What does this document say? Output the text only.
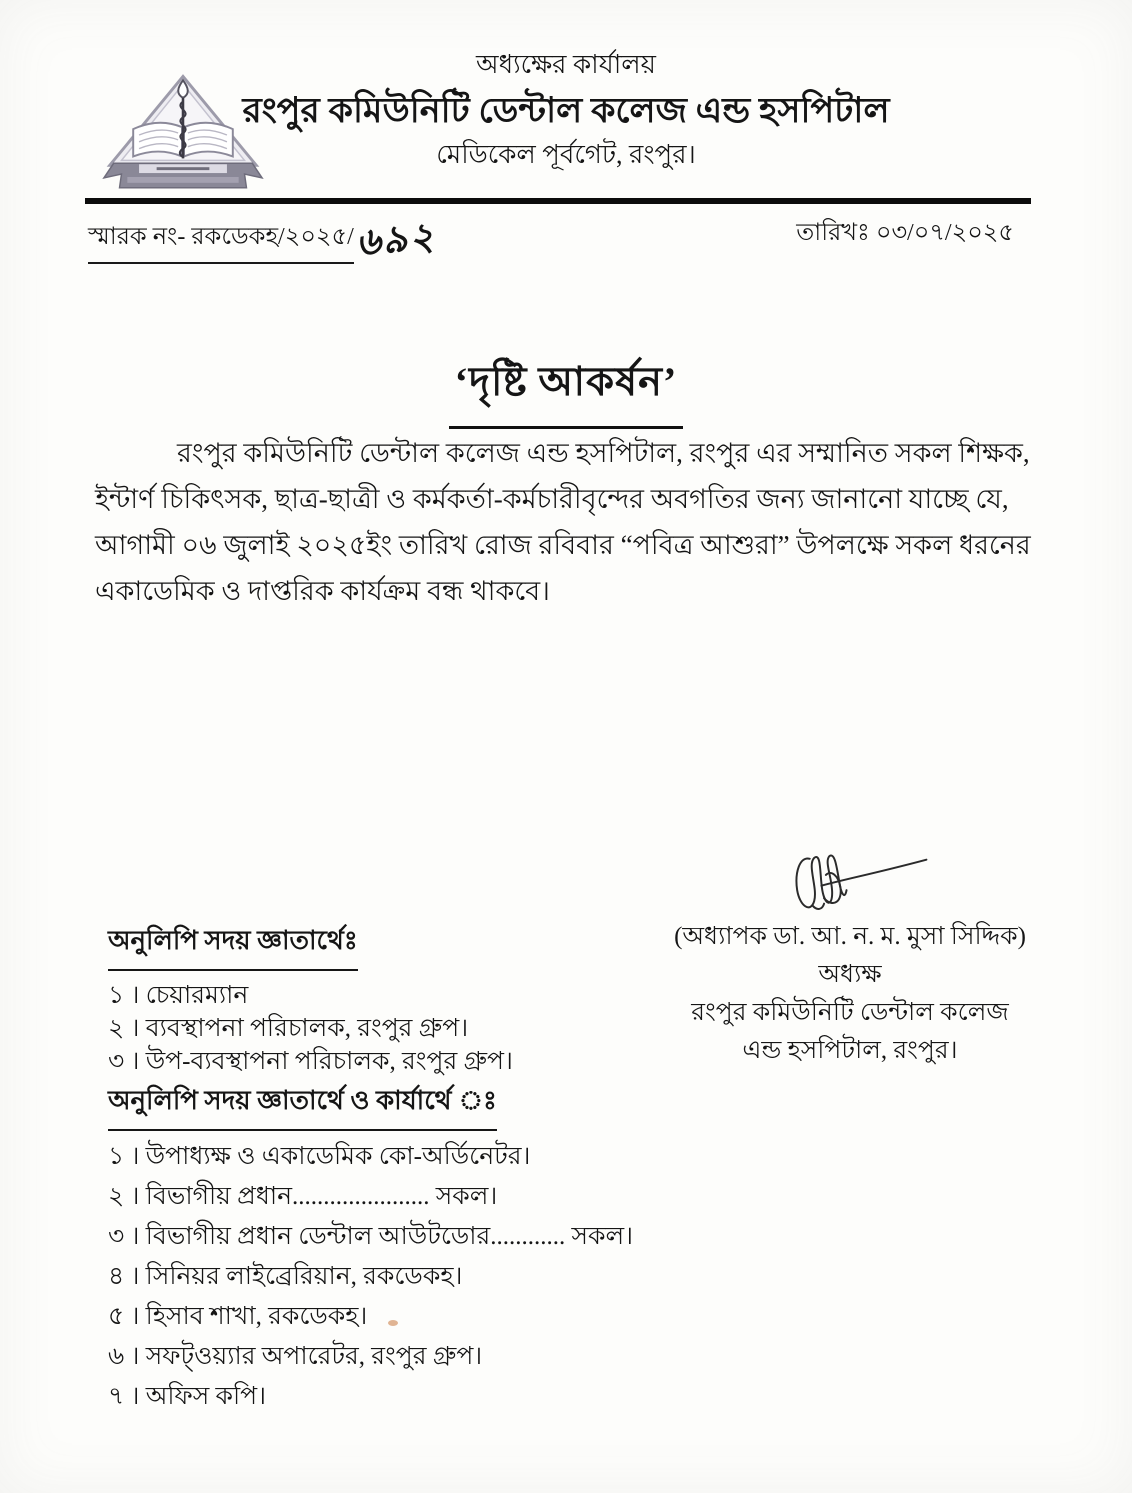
অধ্যক্ষের কার্যালয়
রংপুর কমিউনিটি ডেন্টাল কলেজ এন্ড হসপিটাল
মেডিকেল পূর্বগেট, রংপুর।
স্মারক নং- রকডেকহ/২০২৫/৬৯২	তারিখঃ ০৩/০৭/২০২৫
‘দৃষ্টি আকর্ষন’
রংপুর কমিউনিটি ডেন্টাল কলেজ এন্ড হসপিটাল, রংপুর এর সম্মানিত সকল শিক্ষক,
ইন্টার্ণ চিকিৎসক, ছাত্র-ছাত্রী ও কর্মকর্তা-কর্মচারীবৃন্দের অবগতির জন্য জানানো যাচ্ছে যে,
আগামী ০৬ জুলাই ২০২৫ইং তারিখ রোজ রবিবার “পবিত্র আশুরা” উপলক্ষে সকল ধরনের
একাডেমিক ও দাপ্তরিক কার্যক্রম বন্ধ থাকবে।
(অধ্যাপক ডা. আ. ন. ম. মুসা সিদ্দিক)
অধ্যক্ষ
রংপুর কমিউনিটি ডেন্টাল কলেজ
এন্ড হসপিটাল, রংপুর।
অনুলিপি সদয় জ্ঞাতার্থেঃ
১ । চেয়ারম্যান
২ । ব্যবস্থাপনা পরিচালক, রংপুর গ্রুপ।
৩ । উপ-ব্যবস্থাপনা পরিচালক, রংপুর গ্রুপ।
অনুলিপি সদয় জ্ঞাতার্থে ও কার্যার্থে ঃ
১ । উপাধ্যক্ষ ও একাডেমিক কো-অর্ডিনেটর।
২ । বিভাগীয় প্রধান...................... সকল।
৩ । বিভাগীয় প্রধান ডেন্টাল আউটডোর............ সকল।
৪ । সিনিয়র লাইব্রেরিয়ান, রকডেকহ।
৫ । হিসাব শাখা, রকডেকহ।
৬ । সফট্‌ওয়্যার অপারেটর, রংপুর গ্রুপ।
৭ । অফিস কপি।
